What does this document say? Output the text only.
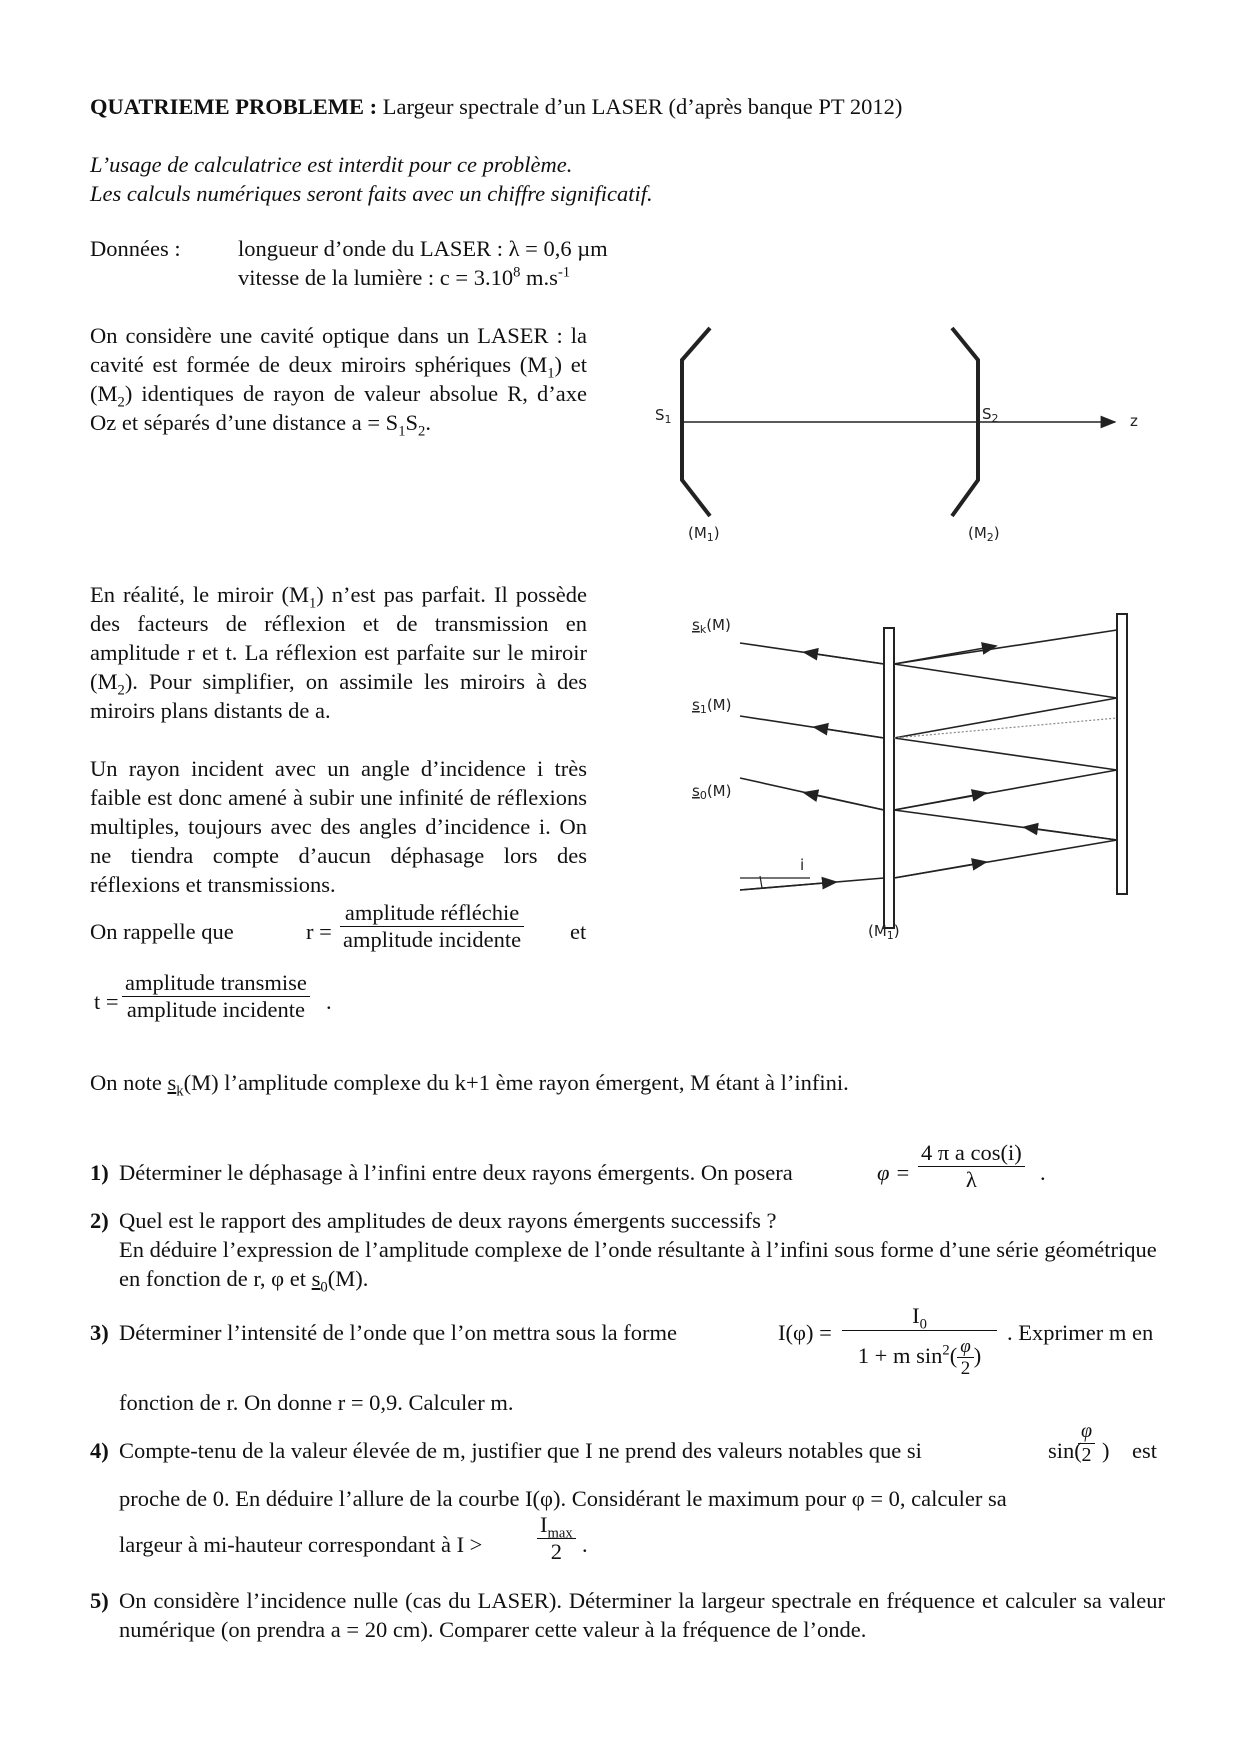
QUATRIEME PROBLEME : Largeur spectrale d’un LASER (d’après banque PT 2012)
L’usage de calculatrice est interdit pour ce problème.
Les calculs numériques seront faits avec un chiffre significatif.
Données :	longueur d’onde du LASER : λ = 0,6 µm
vitesse de la lumière : $c = 3.10^8$ $m.s^{-1}$
On considère une cavité optique dans un LASER : la cavité est formée de deux miroirs sphériques $(M_1)$ et $(M_2)$ identiques de rayon de valeur absolue R, d’axe Oz et séparés d’une distance $a = S_1S_2$.	$S_1$	$S_2$	z
$(M_1)$	$(M_2)$
En réalité, le miroir $(M_1)$ n’est pas parfait. Il possède des facteurs de réflexion et de transmission en amplitude r et t. La réflexion est parfaite sur le miroir $(M_2)$. Pour simplifier, on assimile les miroirs à des miroirs plans distants de a.
Un rayon incident avec un angle d’incidence i très faible est donc amené à subir une infinité de réflexions multiples, toujours avec des angles d’incidence i. On ne tiendra compte d’aucun déphasage lors des réflexions et transmissions.
On rappelle que	r =
amplitude réfléchie
amplitude incidente et
t =
amplitude transmise
amplitude incidente .
i
$s_k(M)$
$s_1(M)$
$s_0(M)$
$(M_1)$
On note $s_k(M)$ l’amplitude complexe du k+1 ème rayon émergent, M étant à l’infini.
1) Déterminer le déphasage à l’infini entre deux rayons émergents. On posera	$\varphi = \frac{\text{4 π a cos(i)}}{\lambda}$ .
2) Quel est le rapport des amplitudes de deux rayons émergents successifs ?
En déduire l’expression de l’amplitude complexe de l’onde résultante à l’infini sous forme d’une série géométrique en fonction de r, φ et $s_0(M)$.
3) Déterminer l’intensité de l’onde que l’on mettra sous la forme	I(φ) =
$I_0$
1 + m $\sin^2( \frac{\varphi}{2}$ )
. Exprimer m en
fonction de r. On donne r = 0,9. Calculer m.
4) Compte-tenu de la valeur élevée de m, justifier que I ne prend des valeurs notables que si	sin(
$\frac{\varphi}{2}$ ) est
proche de 0. En déduire l’allure de la courbe I(φ). Considérant le maximum pour φ = 0, calculer sa
largeur à mi-hauteur correspondant à I >
$I_{max}$
2 .
5) On considère l’incidence nulle (cas du LASER). Déterminer la largeur spectrale en fréquence et calculer sa valeur numérique (on prendra a = 20 cm). Comparer cette valeur à la fréquence de l’onde.
